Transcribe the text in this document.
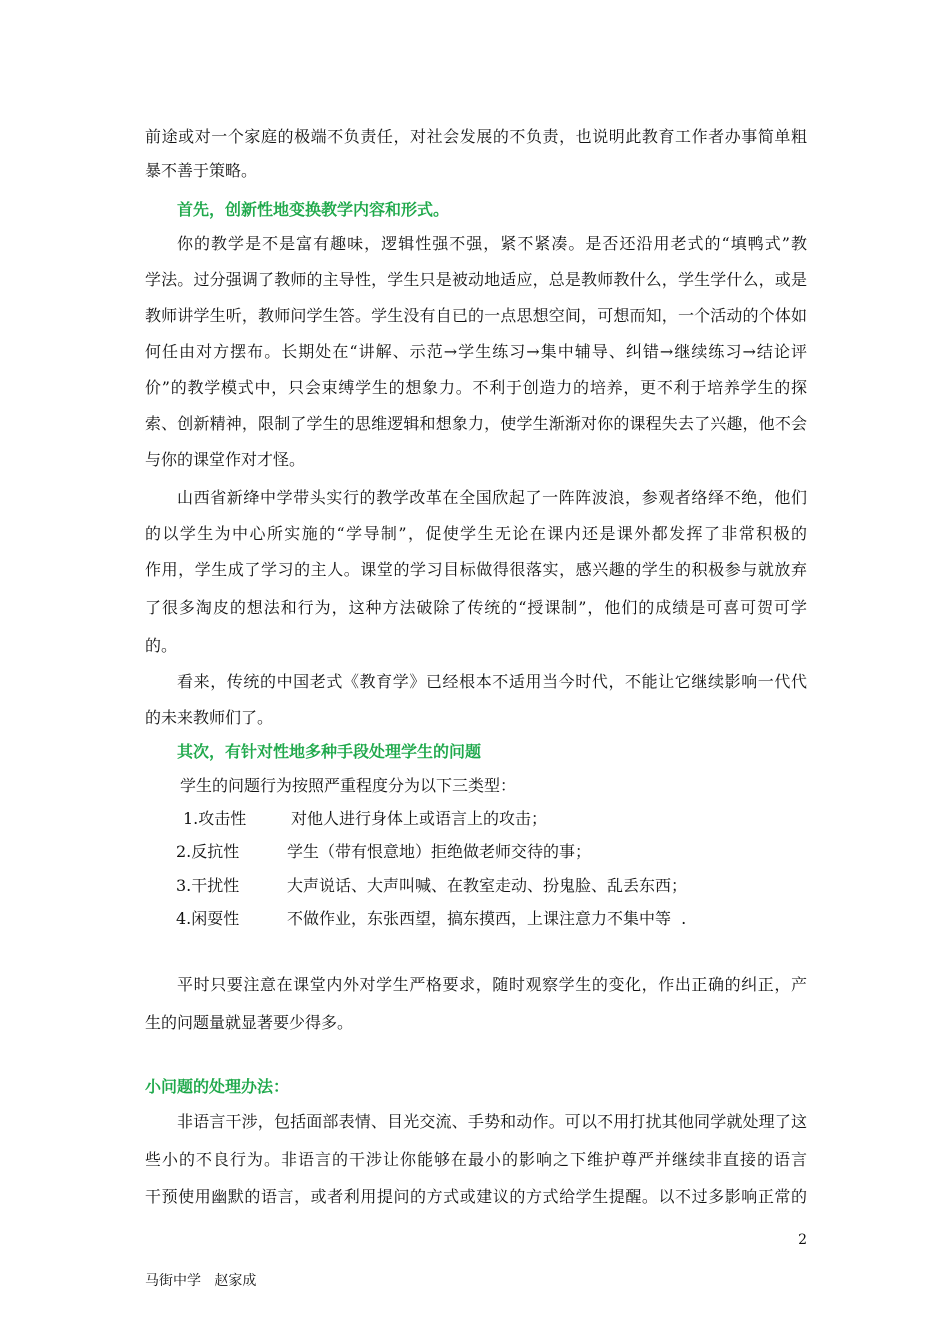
前途或对一个家庭的极端不负责任，对社会发展的不负责，也说明此教育工作者办事简单粗
暴不善于策略。
首先，创新性地变换教学内容和形式。
你的教学是不是富有趣味，逻辑性强不强，紧不紧凑。是否还沿用老式的“填鸭式”教
学法。过分强调了教师的主导性，学生只是被动地适应，总是教师教什么，学生学什么，或是
教师讲学生听，教师问学生答。学生没有自已的一点思想空间，可想而知，一个活动的个体如
何任由对方摆布。长期处在“讲解、示范→学生练习→集中辅导、纠错→继续练习→结论评
价”的教学模式中，只会束缚学生的想象力。不利于创造力的培养，更不利于培养学生的探
索、创新精神，限制了学生的思维逻辑和想象力，使学生渐渐对你的课程失去了兴趣，他不会
与你的课堂作对才怪。
山西省新绛中学带头实行的教学改革在全国欣起了一阵阵波浪，参观者络绎不绝，他们
的以学生为中心所实施的“学导制”，促使学生无论在课内还是课外都发挥了非常积极的
作用，学生成了学习的主人。课堂的学习目标做得很落实，感兴趣的学生的积极参与就放弃
了很多淘皮的想法和行为，这种方法破除了传统的“授课制”，他们的成绩是可喜可贺可学
的。
看来，传统的中国老式《教育学》已经根本不适用当今时代，不能让它继续影响一代代
的未来教师们了。
其次，有针对性地多种手段处理学生的问题
学生的问题行为按照严重程度分为以下三类型：
1.攻击性	对他人进行身体上或语言上的攻击；
2.反抗性	学生（带有恨意地）拒绝做老师交待的事；
3.干扰性	大声说话、大声叫喊、在教室走动、扮鬼脸、乱丢东西；
4.闲耍性	不做作业，东张西望，搞东摸西，上课注意力不集中等  .
平时只要注意在课堂内外对学生严格要求，随时观察学生的变化，作出正确的纠正，产
生的问题量就显著要少得多。
小问题的处理办法：
非语言干涉，包括面部表情、目光交流、手势和动作。可以不用打扰其他同学就处理了这
些小的不良行为。非语言的干涉让你能够在最小的影响之下维护尊严并继续非直接的语言
干预使用幽默的语言，或者利用提问的方式或建议的方式给学生提醒。以不过多影响正常的
2
马街中学   赵家成
